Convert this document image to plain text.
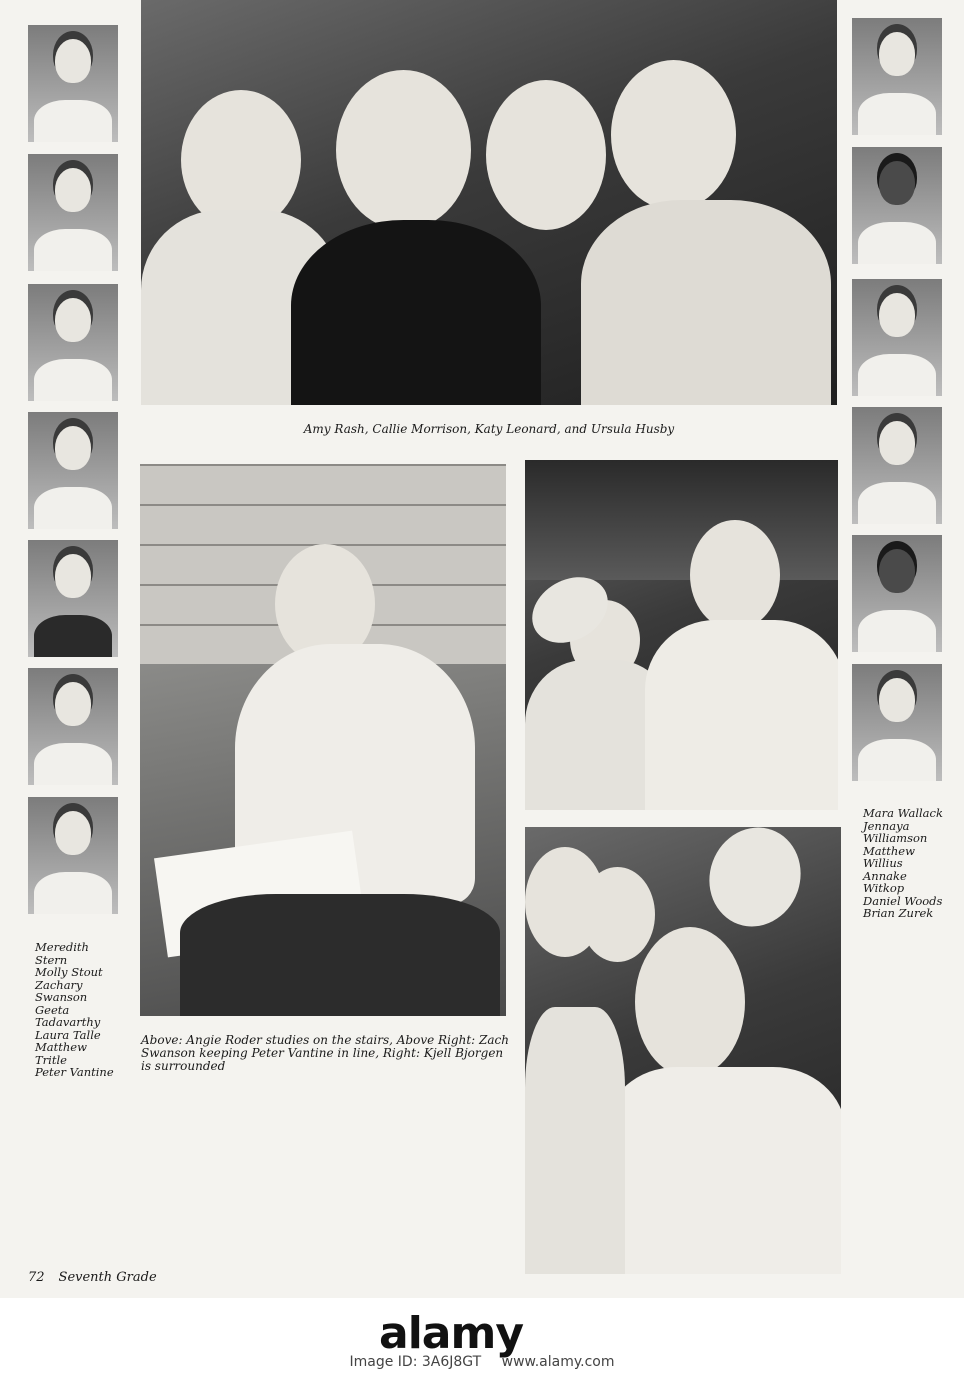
Amy Rash, Callie Morrison, Katy Leonard, and Ursula Husby

Above: Angie Roder studies on the stairs, Above Right: Zach Swanson keeping Peter Vantine in line, Right: Kjell Bjorgen is surrounded

Meredith
Stern
Molly Stout
Zachary
Swanson
Geeta
Tadavarthy
Laura Talle
Matthew
Tritle
Peter Vantine
Mara Wallack
Jennaya
Williamson
Matthew
Willius
Annake
Witkop
Daniel Woods
Brian Zurek
72 Seventh Grade
alamy
Image ID: 3A6J8GT www.alamy.com
